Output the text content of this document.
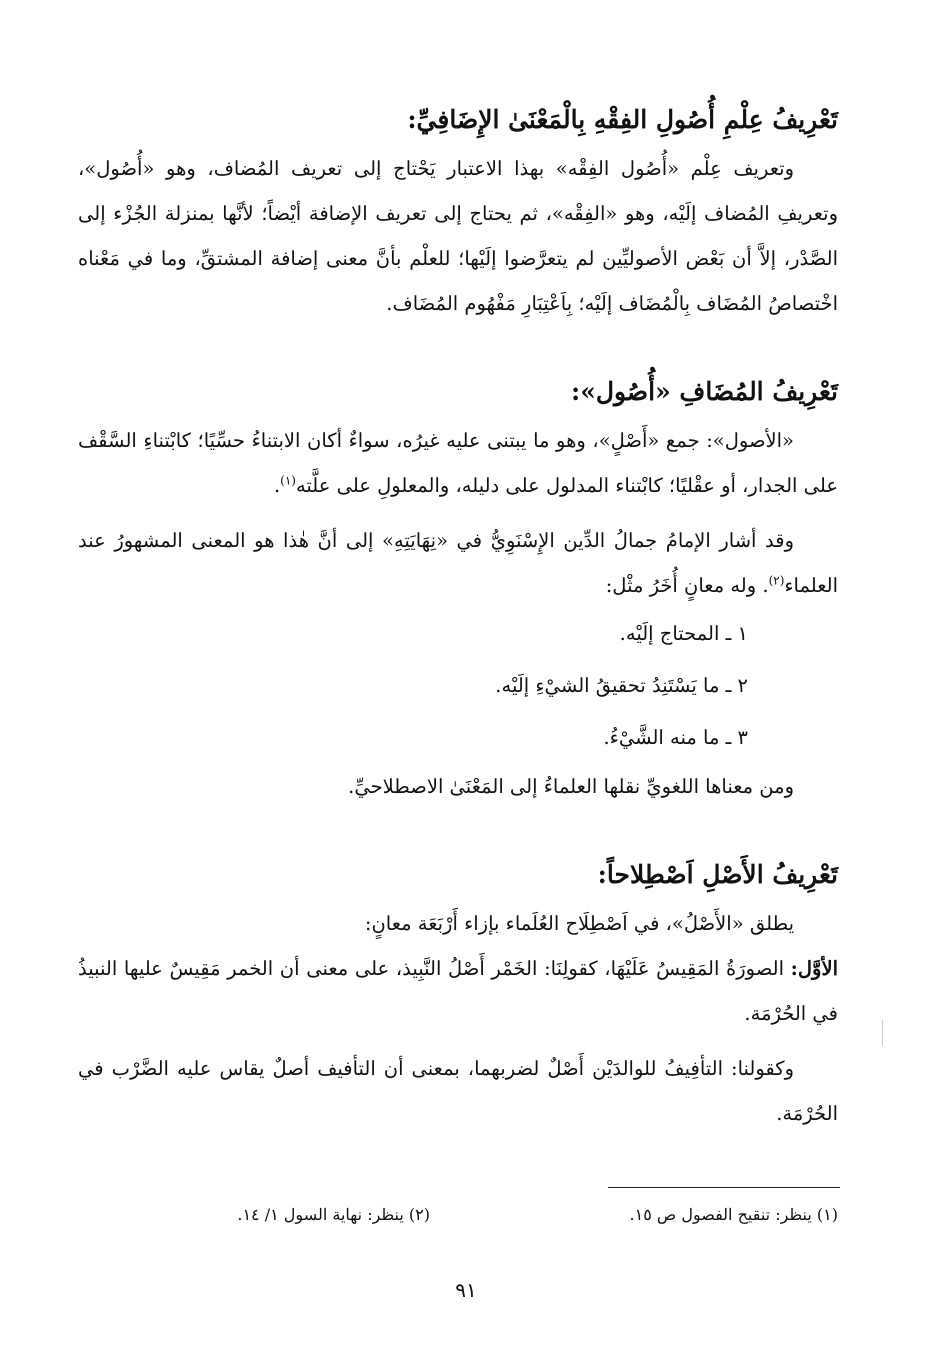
تَعْرِيفُ عِلْمِ أُصُولِ الفِقْهِ بِالْمَعْنَىٰ الإِضَافِيِّ:

وتعريف عِلْم «أُصُول الفِقْه» بهذا الاعتبار يَحْتاج إلى تعريف المُضاف، وهو «أُصُول»، وتعريفِ المُضاف إلَيْه، وهو «الفِقْه»، ثم يحتاج إلى تعريف الإضافة أيْضاً؛ لأنَّها بمنزلة الجُزْء إلى الصَّدْر، إلاَّ أن بَعْض الأصوليِّين لم يتعرَّضوا إلَيْها؛ للعلْم بأنَّ معنى إضافة المشتقِّ، وما في مَعْناه اخْتصاصُ المُضَاف بِالْمُضَاف إلَيْه؛ بِاَعْتِبَارِ مَفْهُوم المُضَاف.

تَعْرِيفُ المُضَافِ «أُصُول»:

«الأصول»: جمع «أَصْلٍ»، وهو ما يبتنى عليه غيرُه، سواءٌ أكان الابتناءُ حسِّيًا؛ كابْتناءِ السَّقْف على الجدار، أو عقْليًا؛ كابْتناء المدلول على دليله، والمعلولِ على علَّته$^{(١)}$.

وقد أشار الإمامُ جمالُ الدِّين الإِسْنَوِيُّ في «نِهَايَتِهِ» إلى أنَّ هٰذا هو المعنى المشهورُ عند العلماء$^{(٢)}$. وله معانٍ أُخَرُ مثْل:

١ ـ المحتاج إلَيْه.

٢ ـ ما يَسْتَنِدُ تحقيقُ الشيْءِ إلَيْه.

٣ ـ ما منه الشَّيْءُ.

ومن معناها اللغويِّ نقلها العلماءُ إلى المَعْنَىٰ الاصطلاحيِّ.

تَعْرِيفُ الأَصْلِ اَصْطِلاحاً:

يطلق «الأَصْلُ»، في اَصْطِلَاح العُلَماء بإزاء أَرْبَعَة معانٍ:

الأوَّل: الصورَةُ المَقِيسُ عَلَيْهَا، كقولِنَا: الخَمْر أَصْلُ النَّبِيذ، على معنى أن الخمر مَقِيسٌ عليها النبيذُ في الحُرْمَة.

وكقولنا: التأفِيفُ للوالدَيْن أَصْلٌ لضربهما، بمعنى أن التأفيف أصلٌ يقاس عليه الضَّرْب في الحُرْمَة.

(١) ينظر: تنقيح الفصول ص ١٥.
(٢) ينظر: نهاية السول ١/ ١٤.
٩١
